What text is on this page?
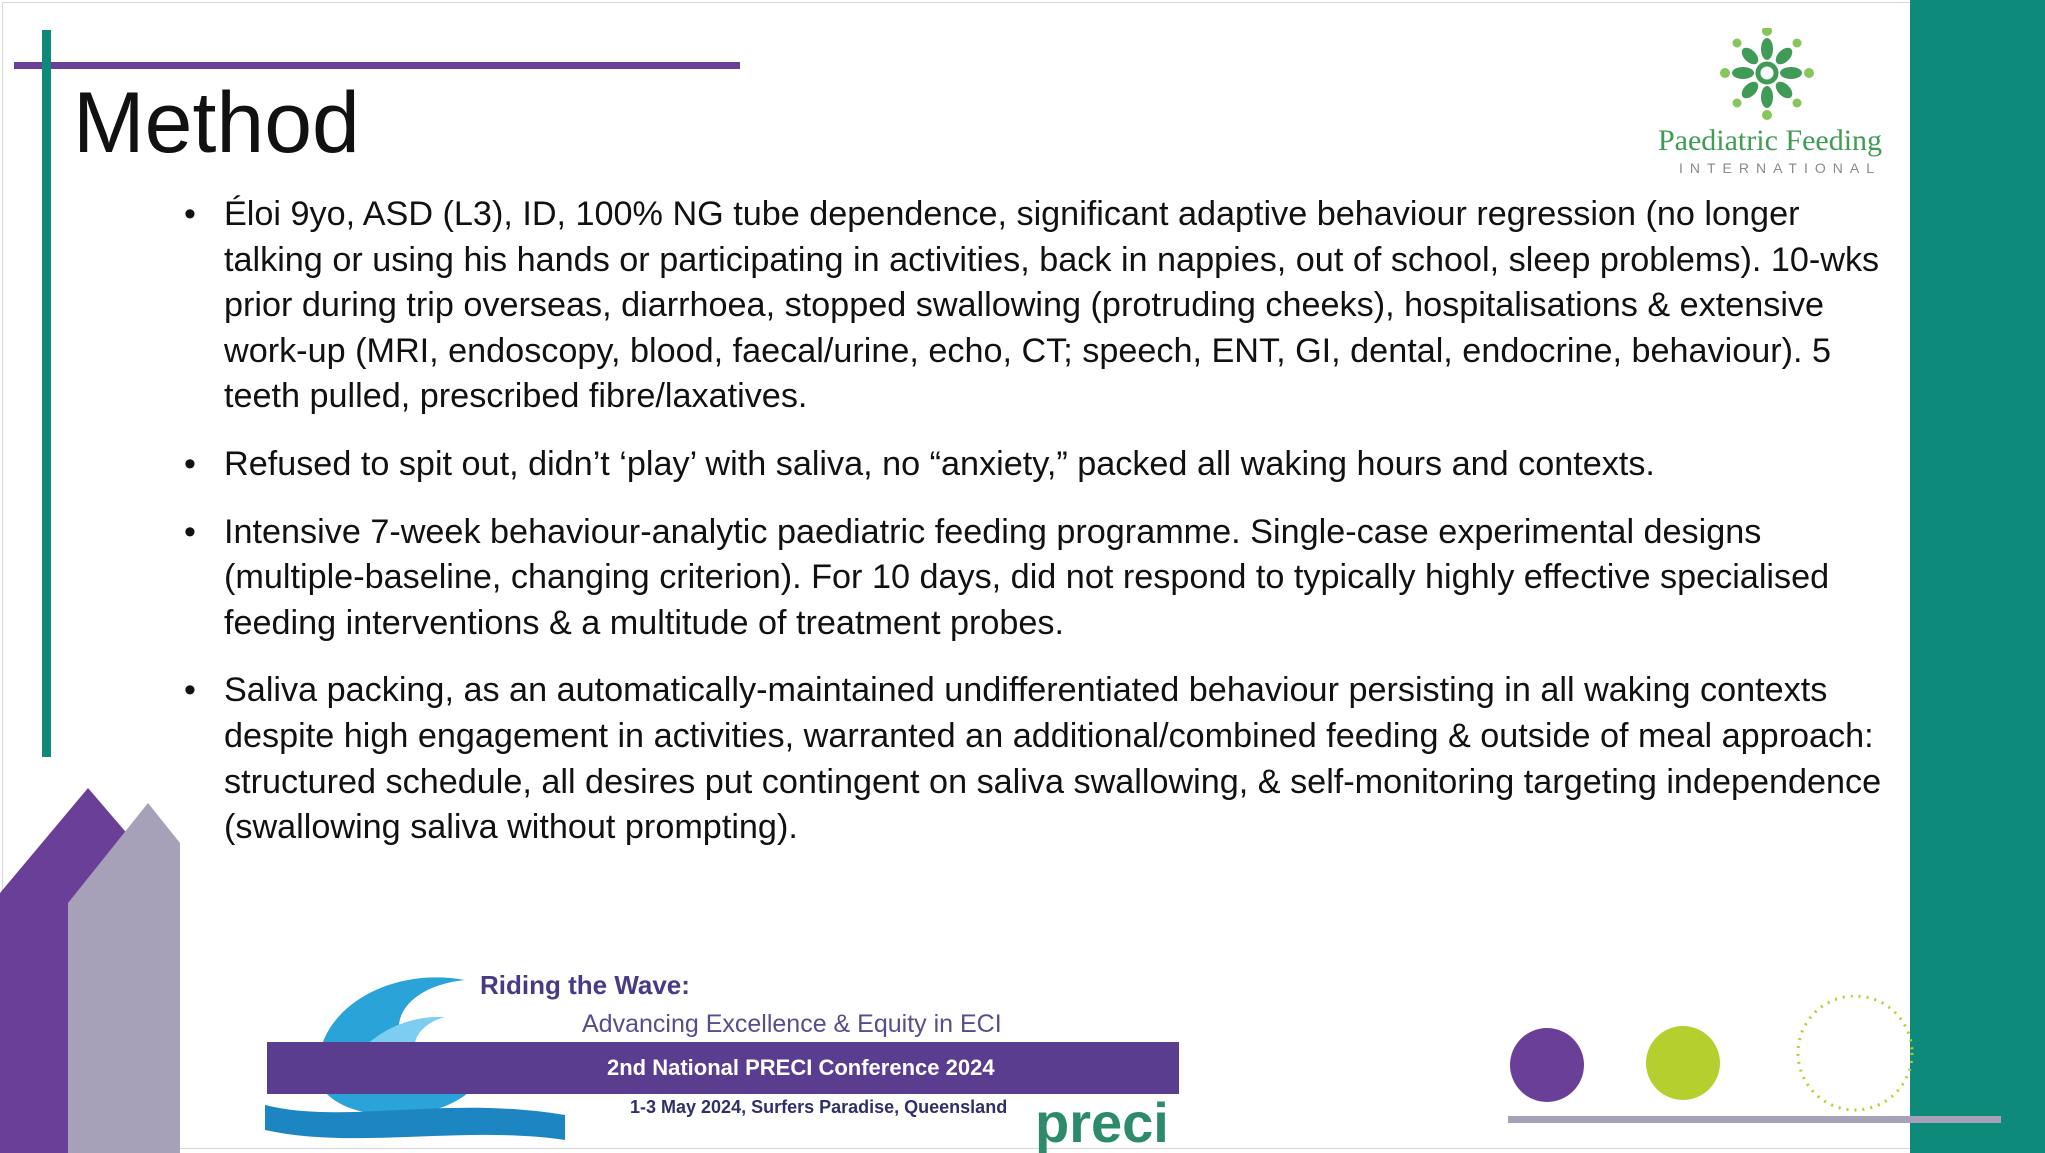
Method	Paediatric Feeding
INTERNATIONAL
• Éloi 9yo, ASD (L3), ID, 100% NG tube dependence, significant adaptive behaviour regression (no longer talking or using his hands or participating in activities, back in nappies, out of school, sleep problems). 10-wks prior during trip overseas, diarrhoea, stopped swallowing (protruding cheeks), hospitalisations & extensive work-up (MRI, endoscopy, blood, faecal/urine, echo, CT; speech, ENT, GI, dental, endocrine, behaviour). 5 teeth pulled, prescribed fibre/laxatives.
• Refused to spit out, didn’t ‘play’ with saliva, no “anxiety,” packed all waking hours and contexts.
• Intensive 7-week behaviour-analytic paediatric feeding programme. Single-case experimental designs (multiple-baseline, changing criterion). For 10 days, did not respond to typically highly effective specialised feeding interventions & a multitude of treatment probes.
• Saliva packing, as an automatically-maintained undifferentiated behaviour persisting in all waking contexts despite high engagement in activities, warranted an additional/combined feeding & outside of meal approach: structured schedule, all desires put contingent on saliva swallowing, & self-monitoring targeting independence (swallowing saliva without prompting).
Riding the Wave:
Advancing Excellence & Equity in ECI
2nd National PRECI Conference 2024
1-3 May 2024, Surfers Paradise, Queensland preci
